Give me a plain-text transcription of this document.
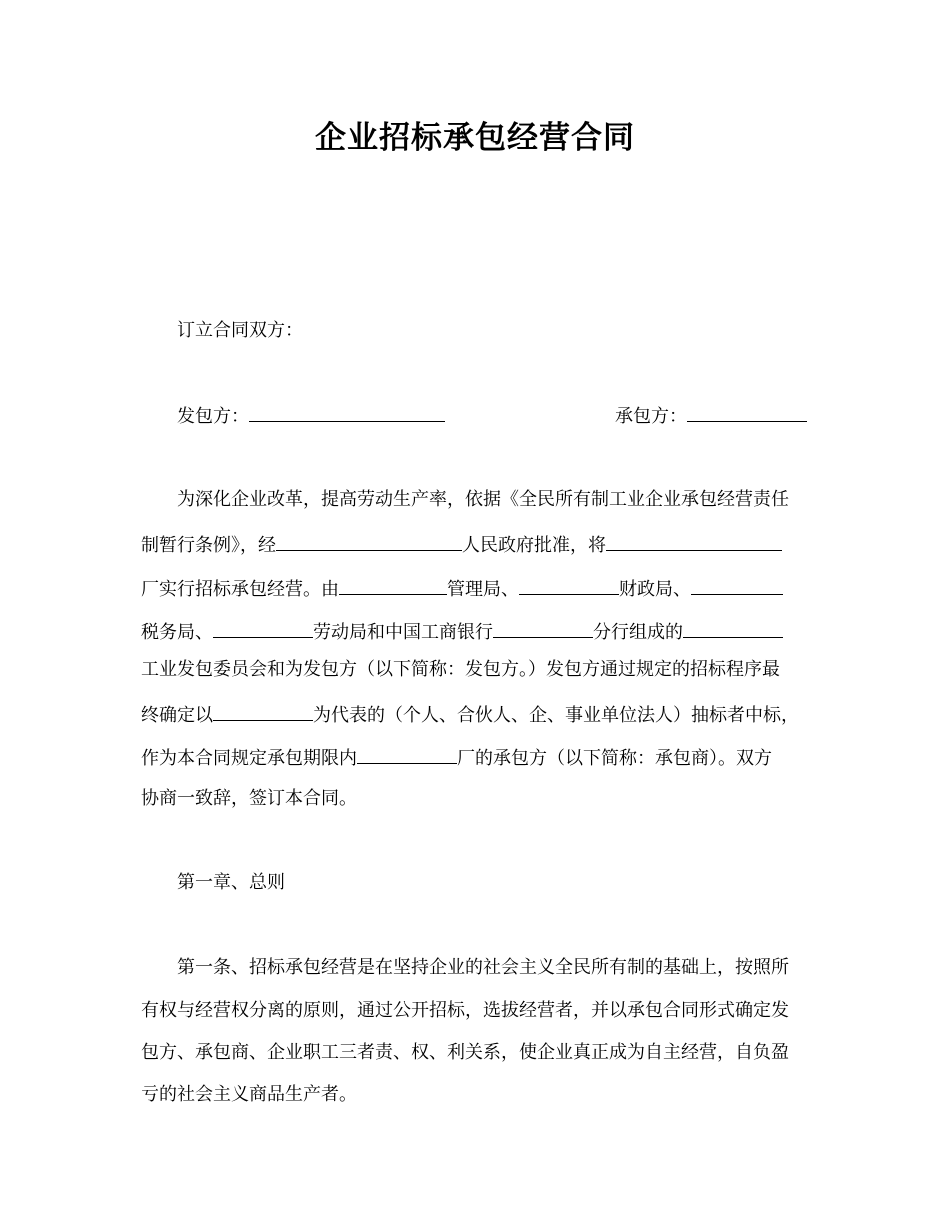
企业招标承包经营合同
订立合同双方：
发包方：	承包方：
为深化企业改革，提高劳动生产率，依据《全民所有制工业企业承包经营责任
制暂行条例》，经	人民政府批准，将
厂实行招标承包经营。由	管理局、	财政局、
税务局、	劳动局和中国工商银行	分行组成的
工业发包委员会和为发包方（以下简称：发包方。）发包方通过规定的招标程序最
终确定以	为代表的（个人、合伙人、企、事业单位法人）抽标者中标，
作为本合同规定承包期限内	厂的承包方（以下简称：承包商）。双方
协商一致辞，签订本合同。
第一章、总则
第一条、招标承包经营是在坚持企业的社会主义全民所有制的基础上，按照所
有权与经营权分离的原则，通过公开招标，选拔经营者，并以承包合同形式确定发
包方、承包商、企业职工三者责、权、利关系，使企业真正成为自主经营，自负盈
亏的社会主义商品生产者。
